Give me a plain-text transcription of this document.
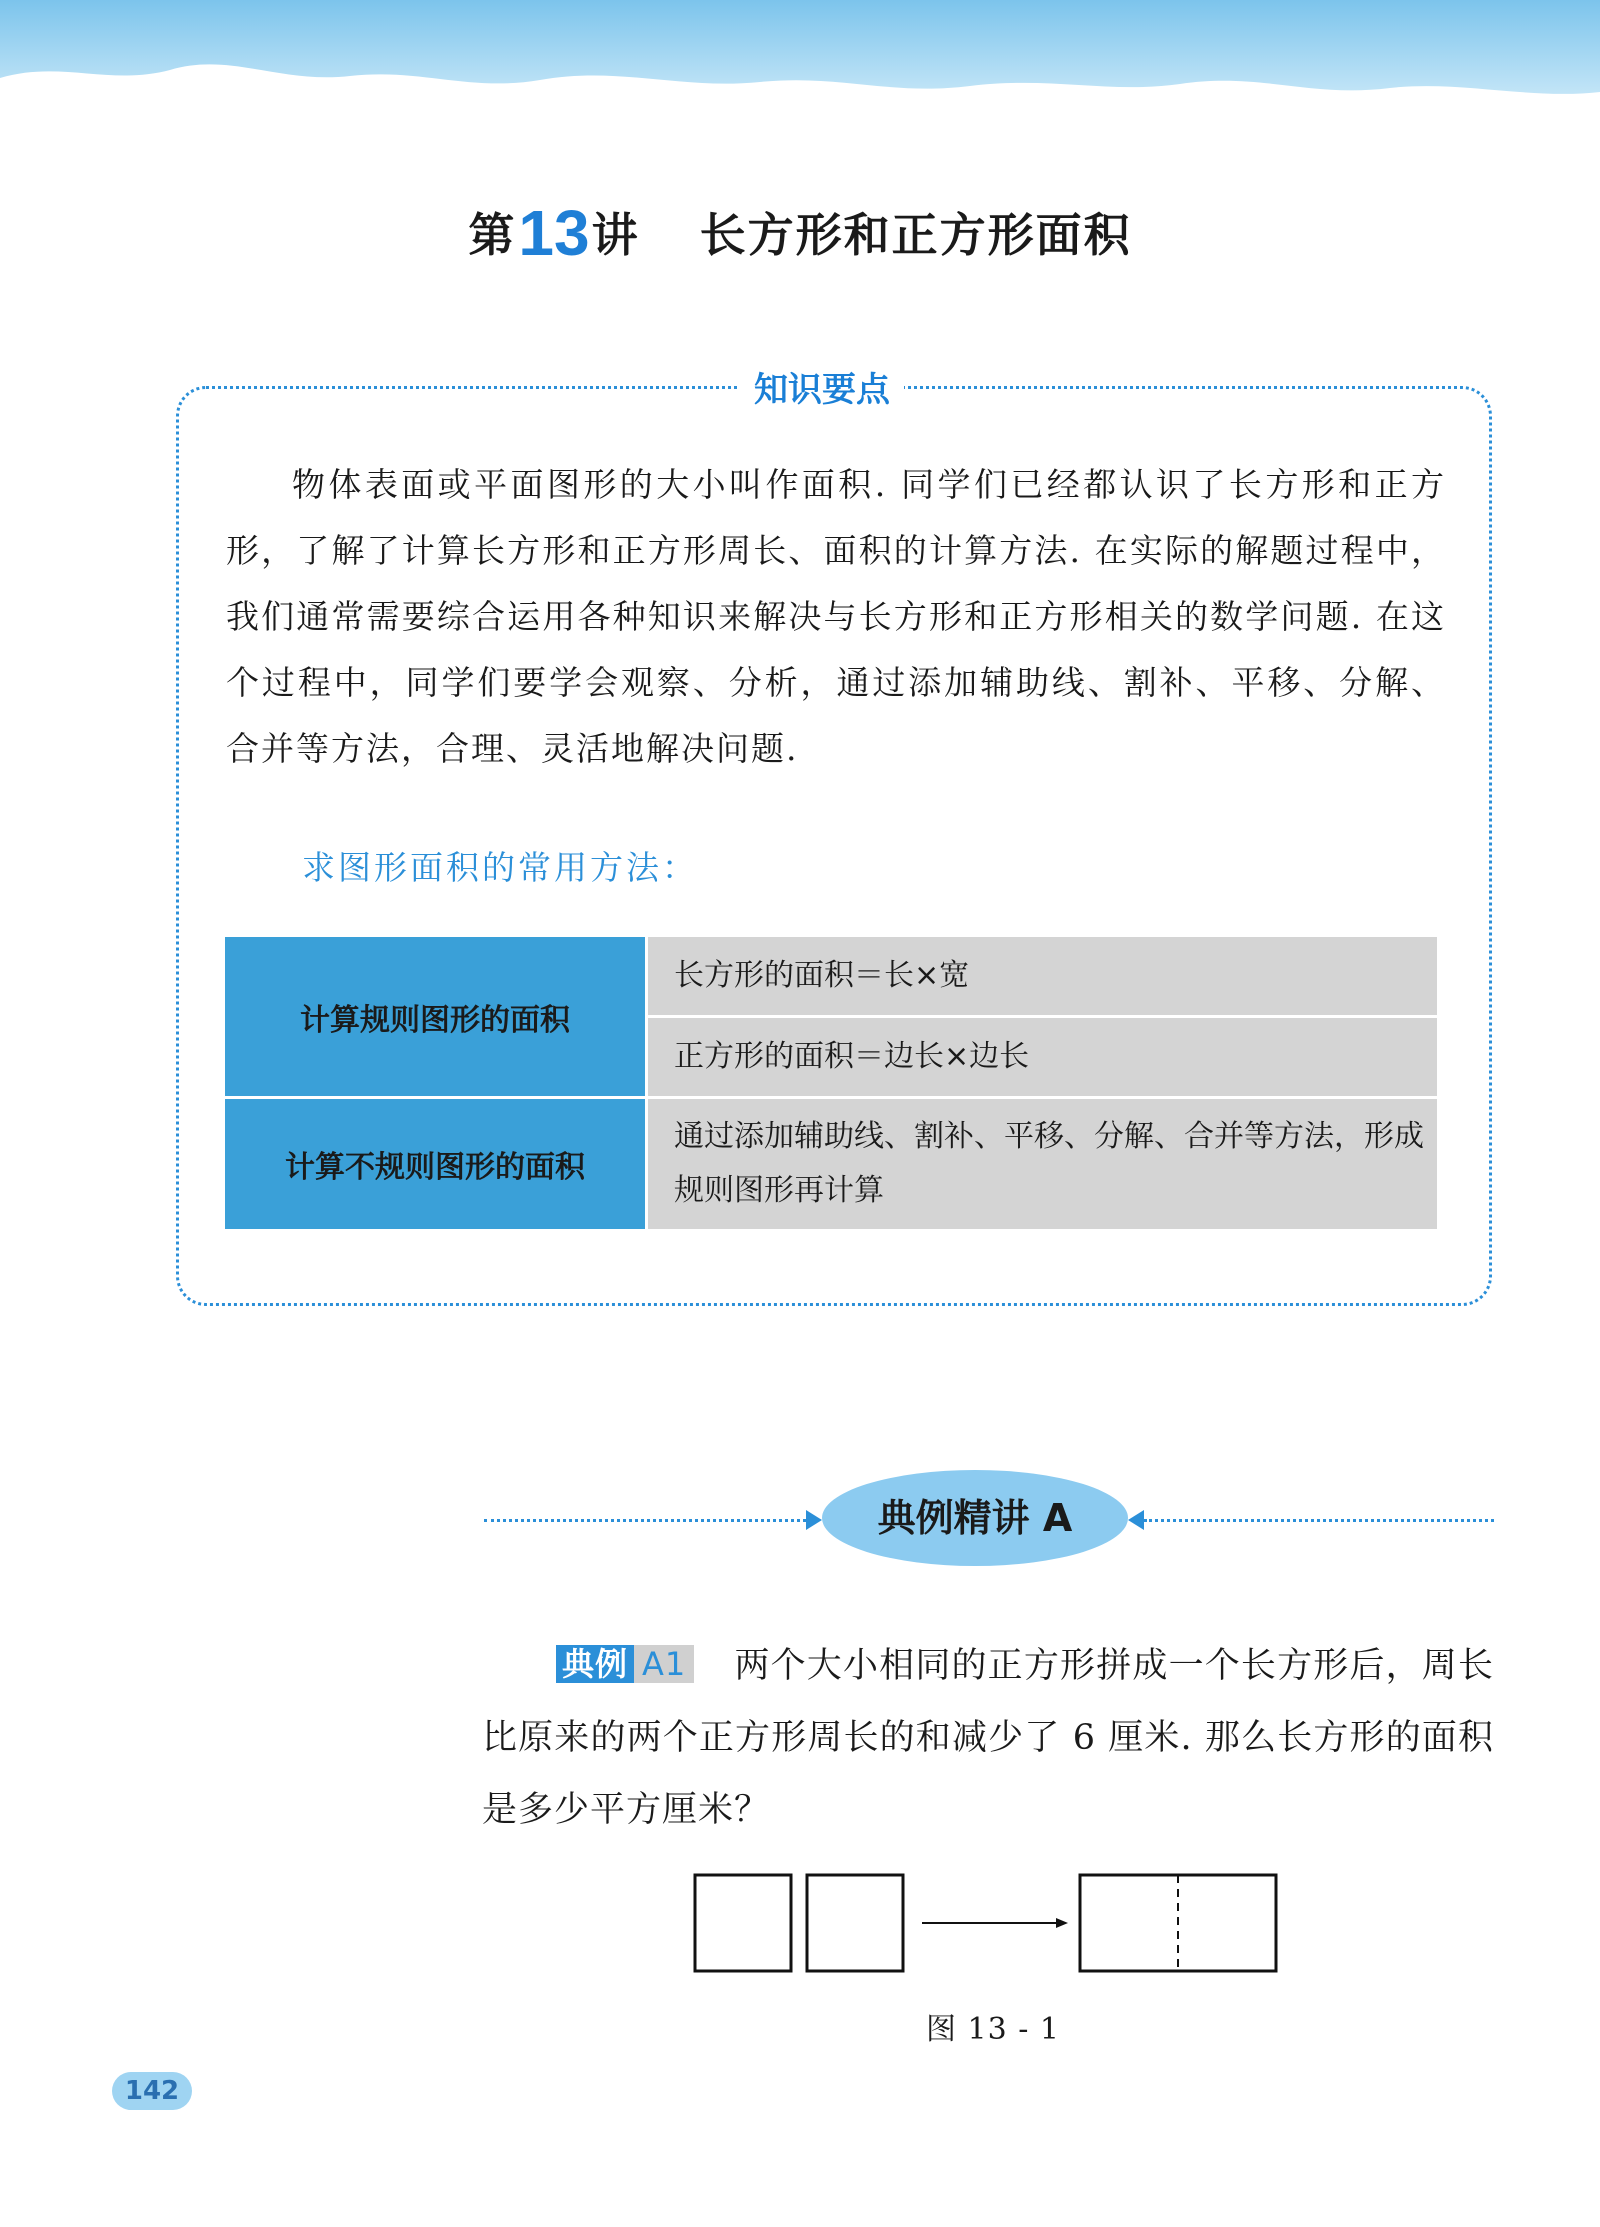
第13讲 长方形和正方形面积
知识要点
物体表面或平面图形的大小叫作面积. 同学们已经都认识了长方形和正方形，了解了计算长方形和正方形周长、面积的计算方法. 在实际的解题过程中，我们通常需要综合运用各种知识来解决与长方形和正方形相关的数学问题. 在这个过程中，同学们要学会观察、分析，通过添加辅助线、割补、平移、分解、合并等方法，合理、灵活地解决问题.
求图形面积的常用方法：
计算规则图形的面积	长方形的面积＝长×宽
	正方形的面积＝边长×边长
计算不规则图形的面积	通过添加辅助线、割补、平移、分解、合并等方法，形成规则图形再计算
典例精讲 A
典例 A1 两个大小相同的正方形拼成一个长方形后，周长比原来的两个正方形周长的和减少了 6 厘米. 那么长方形的面积是多少平方厘米？
图 13 - 1
142
